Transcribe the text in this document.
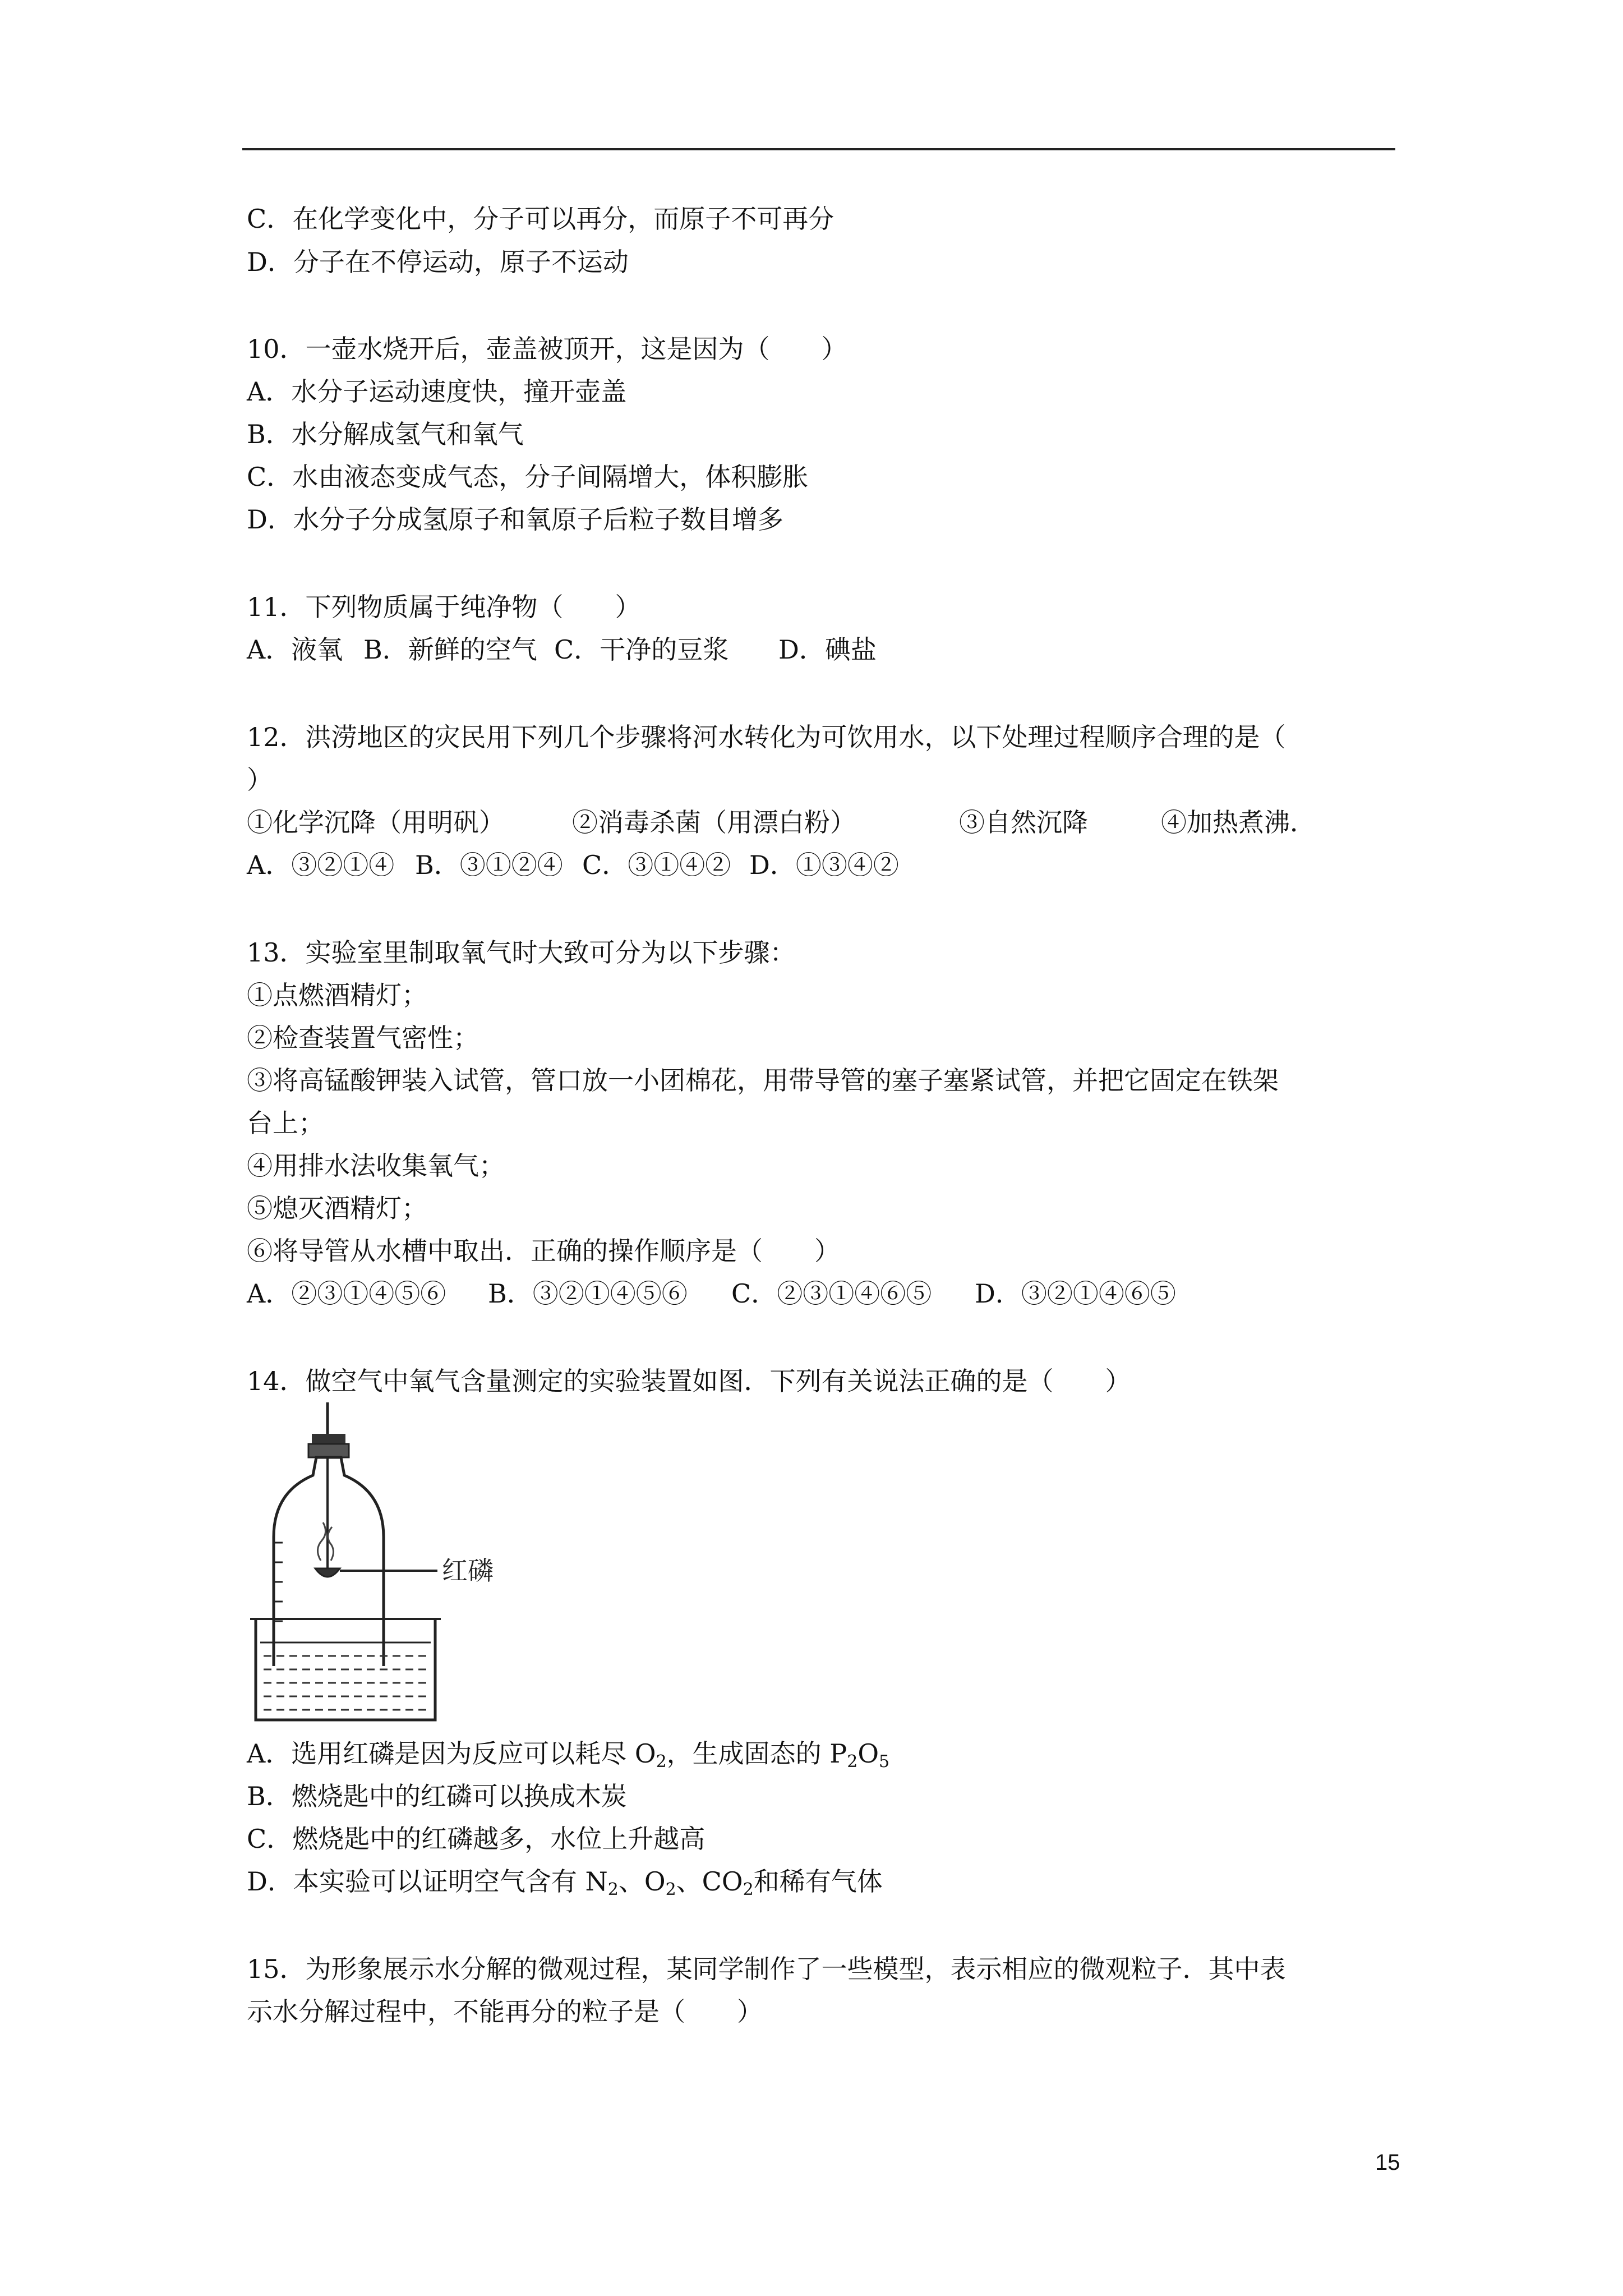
C．在化学变化中，分子可以再分，而原子不可再分
D．分子在不停运动，原子不运动
10．一壶水烧开后，壶盖被顶开，这是因为（　　）
A．水分子运动速度快，撞开壶盖
B．水分解成氢气和氧气
C．水由液态变成气态，分子间隔增大，体积膨胀
D．水分子分成氢原子和氧原子后粒子数目增多
11．下列物质属于纯净物（　　）
A．液氧 B．新鲜的空气 C．干净的豆浆 D．碘盐
12．洪涝地区的灾民用下列几个步骤将河水转化为可饮用水，以下处理过程顺序合理的是（
）
①化学沉降（用明矾）	②消毒杀菌（用漂白粉）	③自然沉降	④加热煮沸．
A．③②①④ B．③①②④ C．③①④② D．①③④②
13．实验室里制取氧气时大致可分为以下步骤：
①点燃酒精灯；
②检查装置气密性；
③将高锰酸钾装入试管，管口放一小团棉花，用带导管的塞子塞紧试管，并把它固定在铁架
台上；
④用排水法收集氧气；
⑤熄灭酒精灯；
⑥将导管从水槽中取出．正确的操作顺序是（　　）
A．②③①④⑤⑥ B．③②①④⑤⑥ C．②③①④⑥⑤ D．③②①④⑥⑤
14．做空气中氧气含量测定的实验装置如图．下列有关说法正确的是（　　）
红磷
A．选用红磷是因为反应可以耗尽 $O_2$，生成固态的 $P_2O_5$
B．燃烧匙中的红磷可以换成木炭
C．燃烧匙中的红磷越多，水位上升越高
D．本实验可以证明空气含有 $N_2$、$O_2$、$CO_2$和稀有气体
15．为形象展示水分解的微观过程，某同学制作了一些模型，表示相应的微观粒子．其中表
示水分解过程中，不能再分的粒子是（　　）
15
